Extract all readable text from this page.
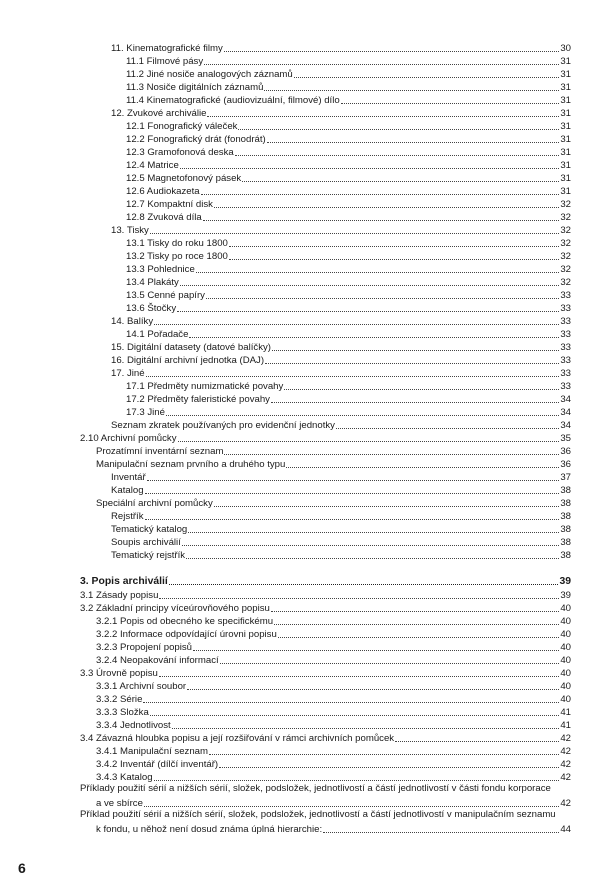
11. Kinematografické filmy	30
11.1 Filmové pásy	31
11.2 Jiné nosiče analogových záznamů	31
11.3 Nosiče digitálních záznamů	31
11.4 Kinematografické (audiovizuální, filmové) dílo	31
12. Zvukové archiválie	31
12.1 Fonografický váleček	31
12.2 Fonografický drát (fonodrát)	31
12.3 Gramofonová deska	31
12.4 Matrice	31
12.5 Magnetofonový pásek	31
12.6 Audiokazeta	31
12.7 Kompaktní disk	32
12.8 Zvuková díla	32
13. Tisky	32
13.1 Tisky do roku 1800	32
13.2 Tisky po roce 1800	32
13.3 Pohlednice	32
13.4 Plakáty	32
13.5 Cenné papíry	33
13.6 Štočky	33
14. Balíky	33
14.1 Pořadače	33
15. Digitální datasety (datové balíčky)	33
16. Digitální archivní jednotka (DAJ)	33
17. Jiné	33
17.1 Předměty numizmatické povahy	33
17.2 Předměty faleristické povahy	34
17.3 Jiné	34
Seznam zkratek používaných pro evidenční jednotky	34
2.10 Archivní pomůcky	35
Prozatímní inventární seznam	36
Manipulační seznam prvního a druhého typu	36
Inventář	37
Katalog	38
Speciální archivní pomůcky	38
Rejstřík	38
Tematický katalog	38
Soupis archiválií	38
Tematický rejstřík	38
3. Popis archiválií	39
3.1 Zásady popisu	39
3.2 Základní principy víceúrovňového popisu	40
3.2.1 Popis od obecného ke specifickému	40
3.2.2 Informace odpovídající úrovni popisu	40
3.2.3 Propojení popisů	40
3.2.4 Neopakování informací	40
3.3 Úrovně popisu	40
3.3.1 Archivní soubor	40
3.3.2 Série	40
3.3.3 Složka	41
3.3.4 Jednotlivost	41
3.4 Závazná hloubka popisu a její rozšiřování v rámci archivních pomůcek	42
3.4.1 Manipulační seznam	42
3.4.2 Inventář (dílčí inventář)	42
3.4.3 Katalog	42
Příklady použití sérií a nižších sérií, složek, podsložek, jednotlivostí a částí jednotlivostí v části fondu korporace
a ve sbírce	42
Příklad použití sérií a nižších sérií, složek, podsložek, jednotlivostí a částí jednotlivostí v manipulačním seznamu
k fondu, u něhož není dosud známa úplná hierarchie:	44
6
